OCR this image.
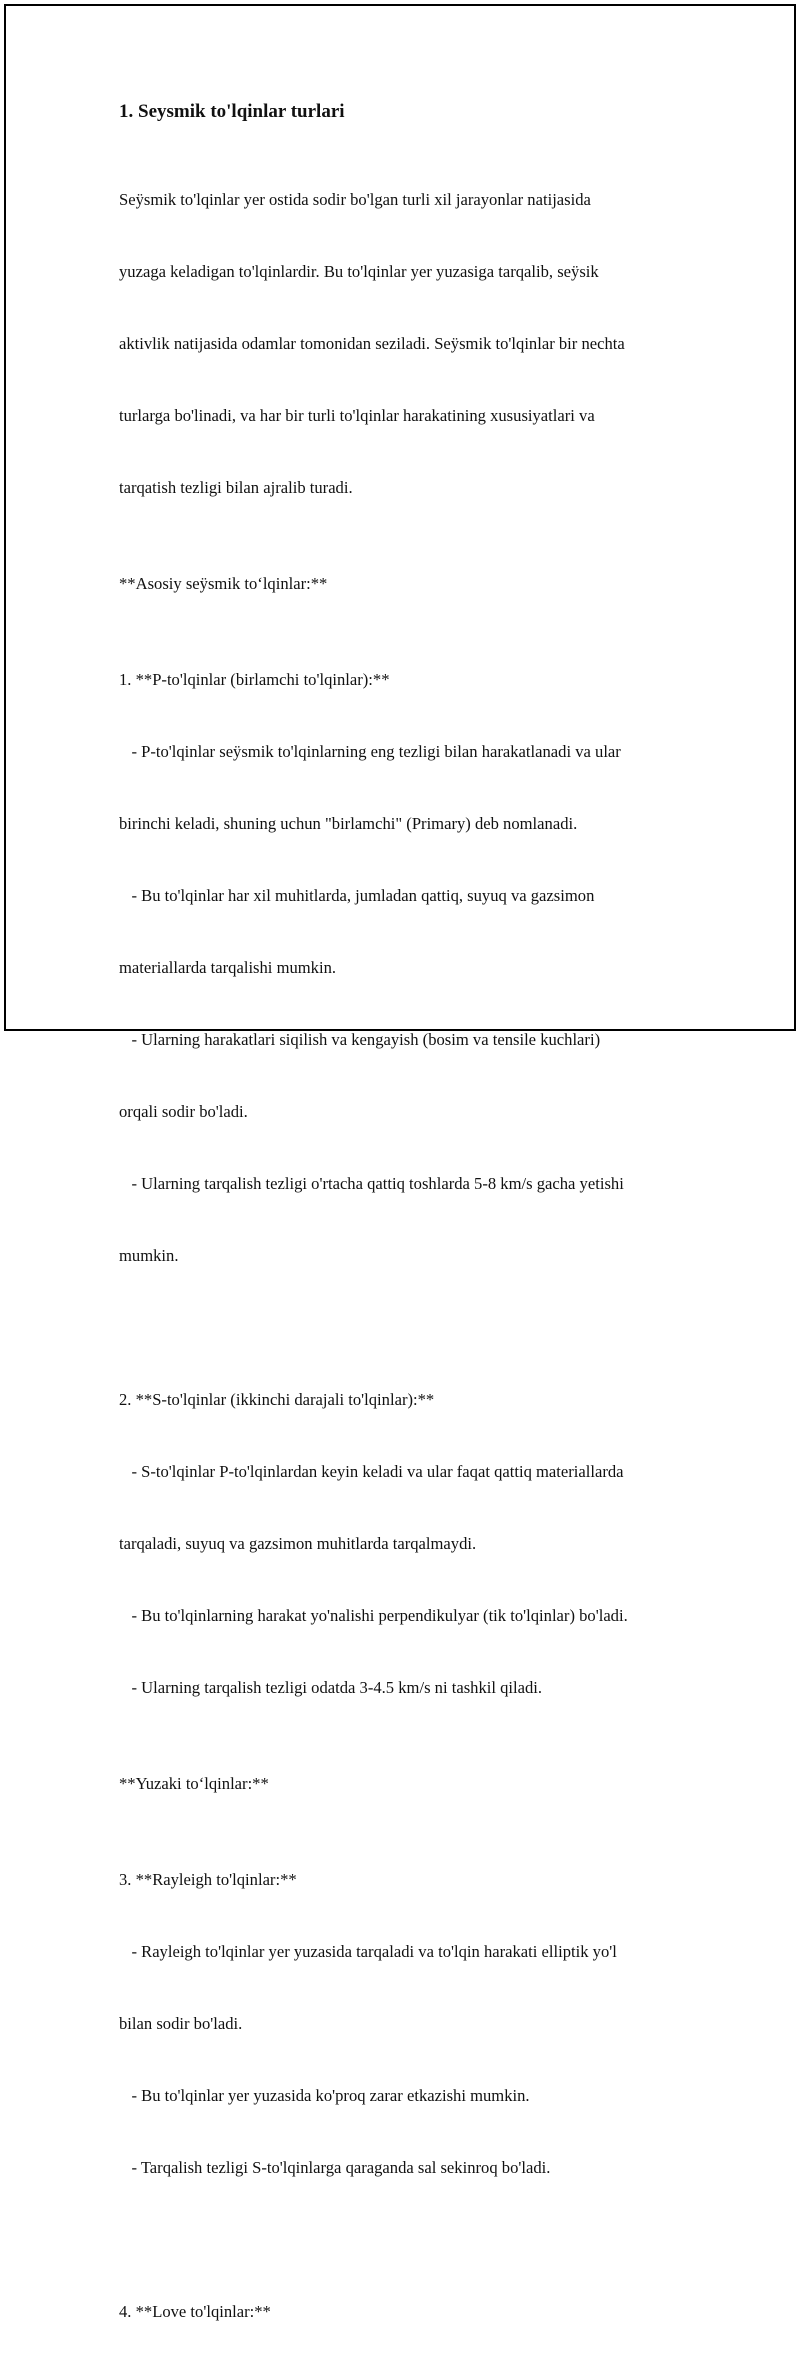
1. Seysmik to'lqinlar turlari

Seÿsmik to'lqinlar yer ostida sodir bo'lgan turli xil jarayonlar natijasida

yuzaga keladigan to'lqinlardir. Bu to'lqinlar yer yuzasiga tarqalib, seÿsik

aktivlik natijasida odamlar tomonidan seziladi. Seÿsmik to'lqinlar bir nechta

turlarga bo'linadi, va har bir turli to'lqinlar harakatining xususiyatlari va

tarqatish tezligi bilan ajralib turadi.

**Asosiy seÿsmik to‘lqinlar:**

1. **P-to'lqinlar (birlamchi to'lqinlar):**

- P-to'lqinlar seÿsmik to'lqinlarning eng tezligi bilan harakatlanadi va ular

birinchi keladi, shuning uchun "birlamchi" (Primary) deb nomlanadi.

- Bu to'lqinlar har xil muhitlarda, jumladan qattiq, suyuq va gazsimon

materiallarda tarqalishi mumkin.

- Ularning harakatlari siqilish va kengayish (bosim va tensile kuchlari)

orqali sodir bo'ladi.

- Ularning tarqalish tezligi o'rtacha qattiq toshlarda 5-8 km/s gacha yetishi

mumkin.

2. **S-to'lqinlar (ikkinchi darajali to'lqinlar):**

- S-to'lqinlar P-to'lqinlardan keyin keladi va ular faqat qattiq materiallarda

tarqaladi, suyuq va gazsimon muhitlarda tarqalmaydi.

- Bu to'lqinlarning harakat yo'nalishi perpendikulyar (tik to'lqinlar) bo'ladi.

- Ularning tarqalish tezligi odatda 3-4.5 km/s ni tashkil qiladi.

**Yuzaki to‘lqinlar:**

3. **Rayleigh to'lqinlar:**

- Rayleigh to'lqinlar yer yuzasida tarqaladi va to'lqin harakati elliptik yo'l

bilan sodir bo'ladi.

- Bu to'lqinlar yer yuzasida ko'proq zarar etkazishi mumkin.

- Tarqalish tezligi S-to'lqinlarga qaraganda sal sekinroq bo'ladi.

4. **Love to'lqinlar:**
